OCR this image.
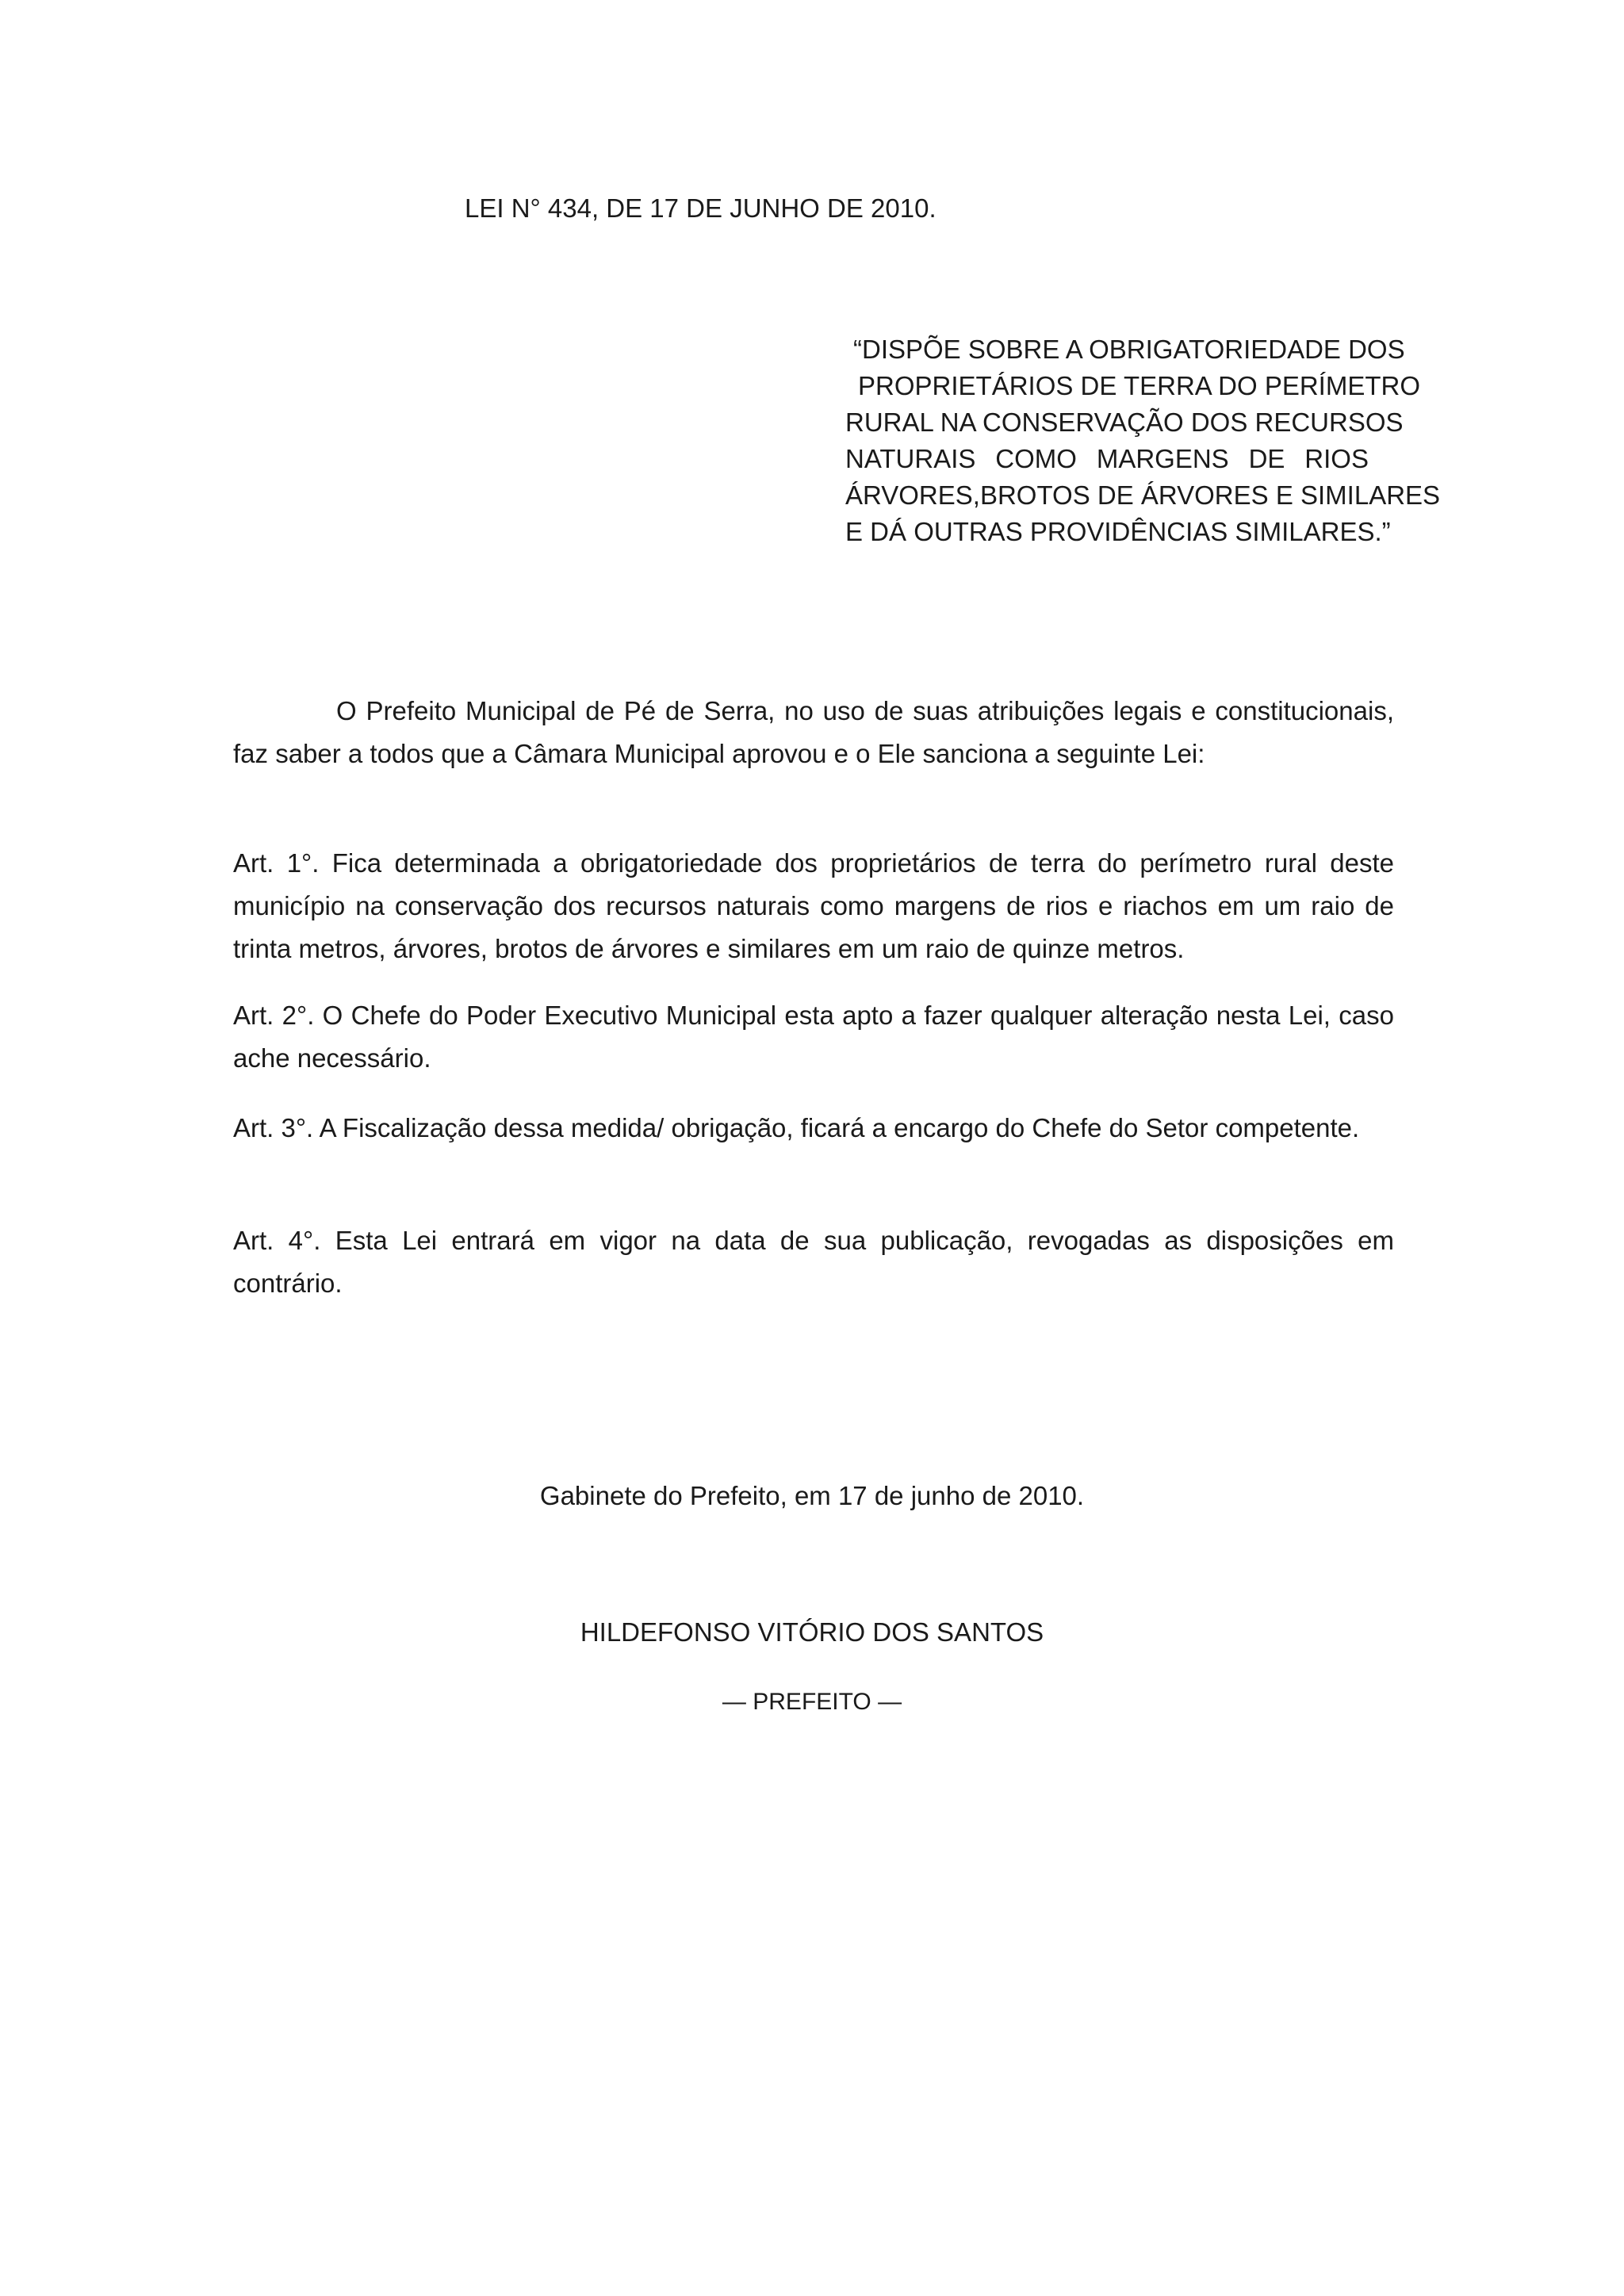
LEI N° 434, DE 17 DE JUNHO DE 2010.
“DISPÕE SOBRE A OBRIGATORIEDADE DOS
PROPRIETÁRIOS DE TERRA DO PERÍMETRO
RURAL NA CONSERVAÇÃO DOS RECURSOS
NATURAIS COMO MARGENS DE RIOS
ÁRVORES,BROTOS DE ÁRVORES E SIMILARES
E DÁ OUTRAS PROVIDÊNCIAS SIMILARES.”

O Prefeito Municipal de Pé de Serra, no uso de suas atribuições legais e constitucionais, faz saber a todos que a Câmara Municipal aprovou e o Ele sanciona a seguinte Lei:

Art. 1°. Fica determinada a obrigatoriedade dos proprietários de terra do perímetro rural deste município na conservação dos recursos naturais como margens de rios e riachos em um raio de trinta metros, árvores, brotos de árvores e similares em um raio de quinze metros.

Art. 2°. O Chefe do Poder Executivo Municipal esta apto a fazer qualquer alteração nesta Lei, caso ache necessário.

Art. 3°. A Fiscalização dessa medida/ obrigação, ficará a encargo do Chefe do Setor competente.

Art. 4°. Esta Lei entrará em vigor na data de sua publicação, revogadas as disposições em contrário.

Gabinete do Prefeito, em 17 de junho de 2010.
HILDEFONSO VITÓRIO DOS SANTOS
— PREFEITO —
